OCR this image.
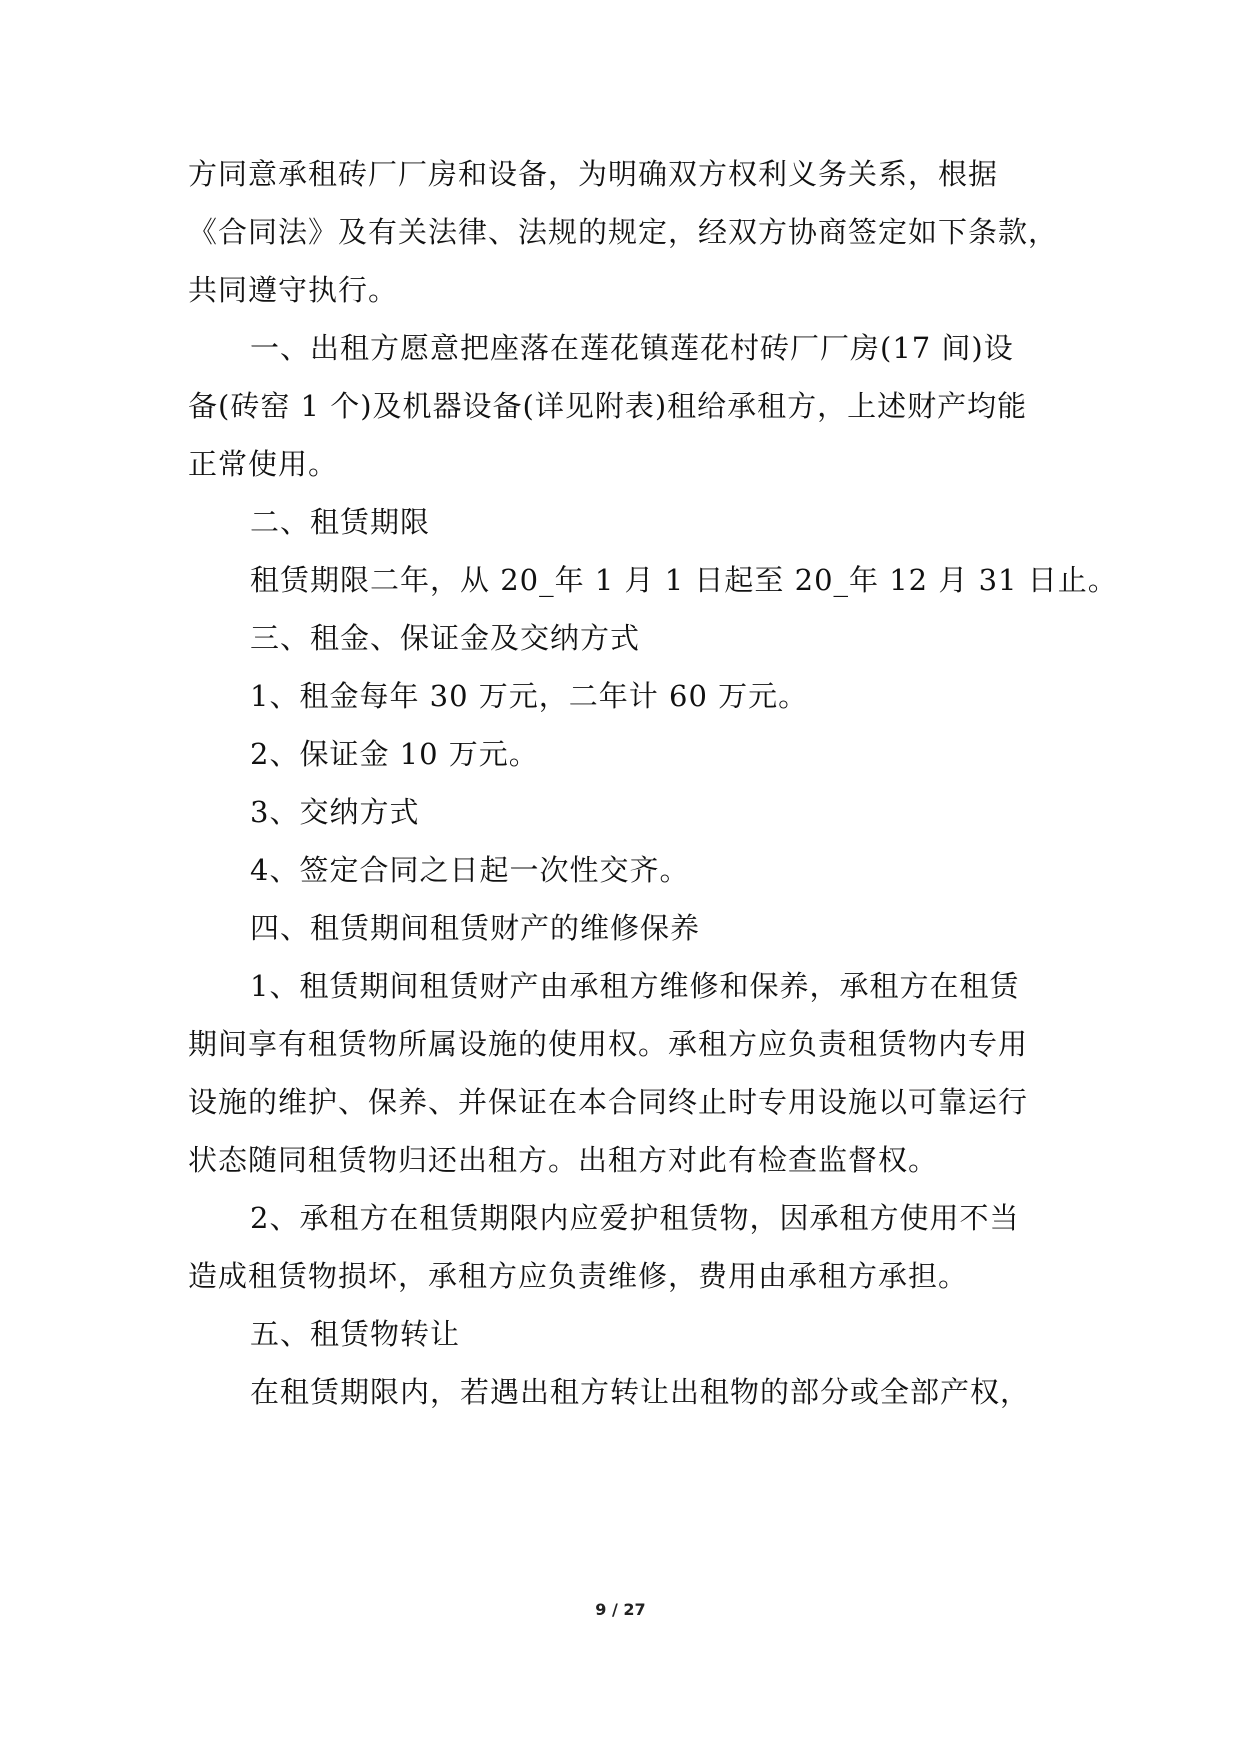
方同意承租砖厂厂房和设备，为明确双方权利义务关系，根据
《合同法》及有关法律、法规的规定，经双方协商签定如下条款，
共同遵守执行。
一、出租方愿意把座落在莲花镇莲花村砖厂厂房(17 间)设
备(砖窑 1 个)及机器设备(详见附表)租给承租方，上述财产均能
正常使用。
二、租赁期限
租赁期限二年，从 20_年 1 月 1 日起至 20_年 12 月 31 日止。
三、租金、保证金及交纳方式
1、租金每年 30 万元，二年计 60 万元。
2、保证金 10 万元。
3、交纳方式
4、签定合同之日起一次性交齐。
四、租赁期间租赁财产的维修保养
1、租赁期间租赁财产由承租方维修和保养，承租方在租赁
期间享有租赁物所属设施的使用权。承租方应负责租赁物内专用
设施的维护、保养、并保证在本合同终止时专用设施以可靠运行
状态随同租赁物归还出租方。出租方对此有检查监督权。
2、承租方在租赁期限内应爱护租赁物，因承租方使用不当
造成租赁物损坏，承租方应负责维修，费用由承租方承担。
五、租赁物转让
在租赁期限内，若遇出租方转让出租物的部分或全部产权，
9 / 27
